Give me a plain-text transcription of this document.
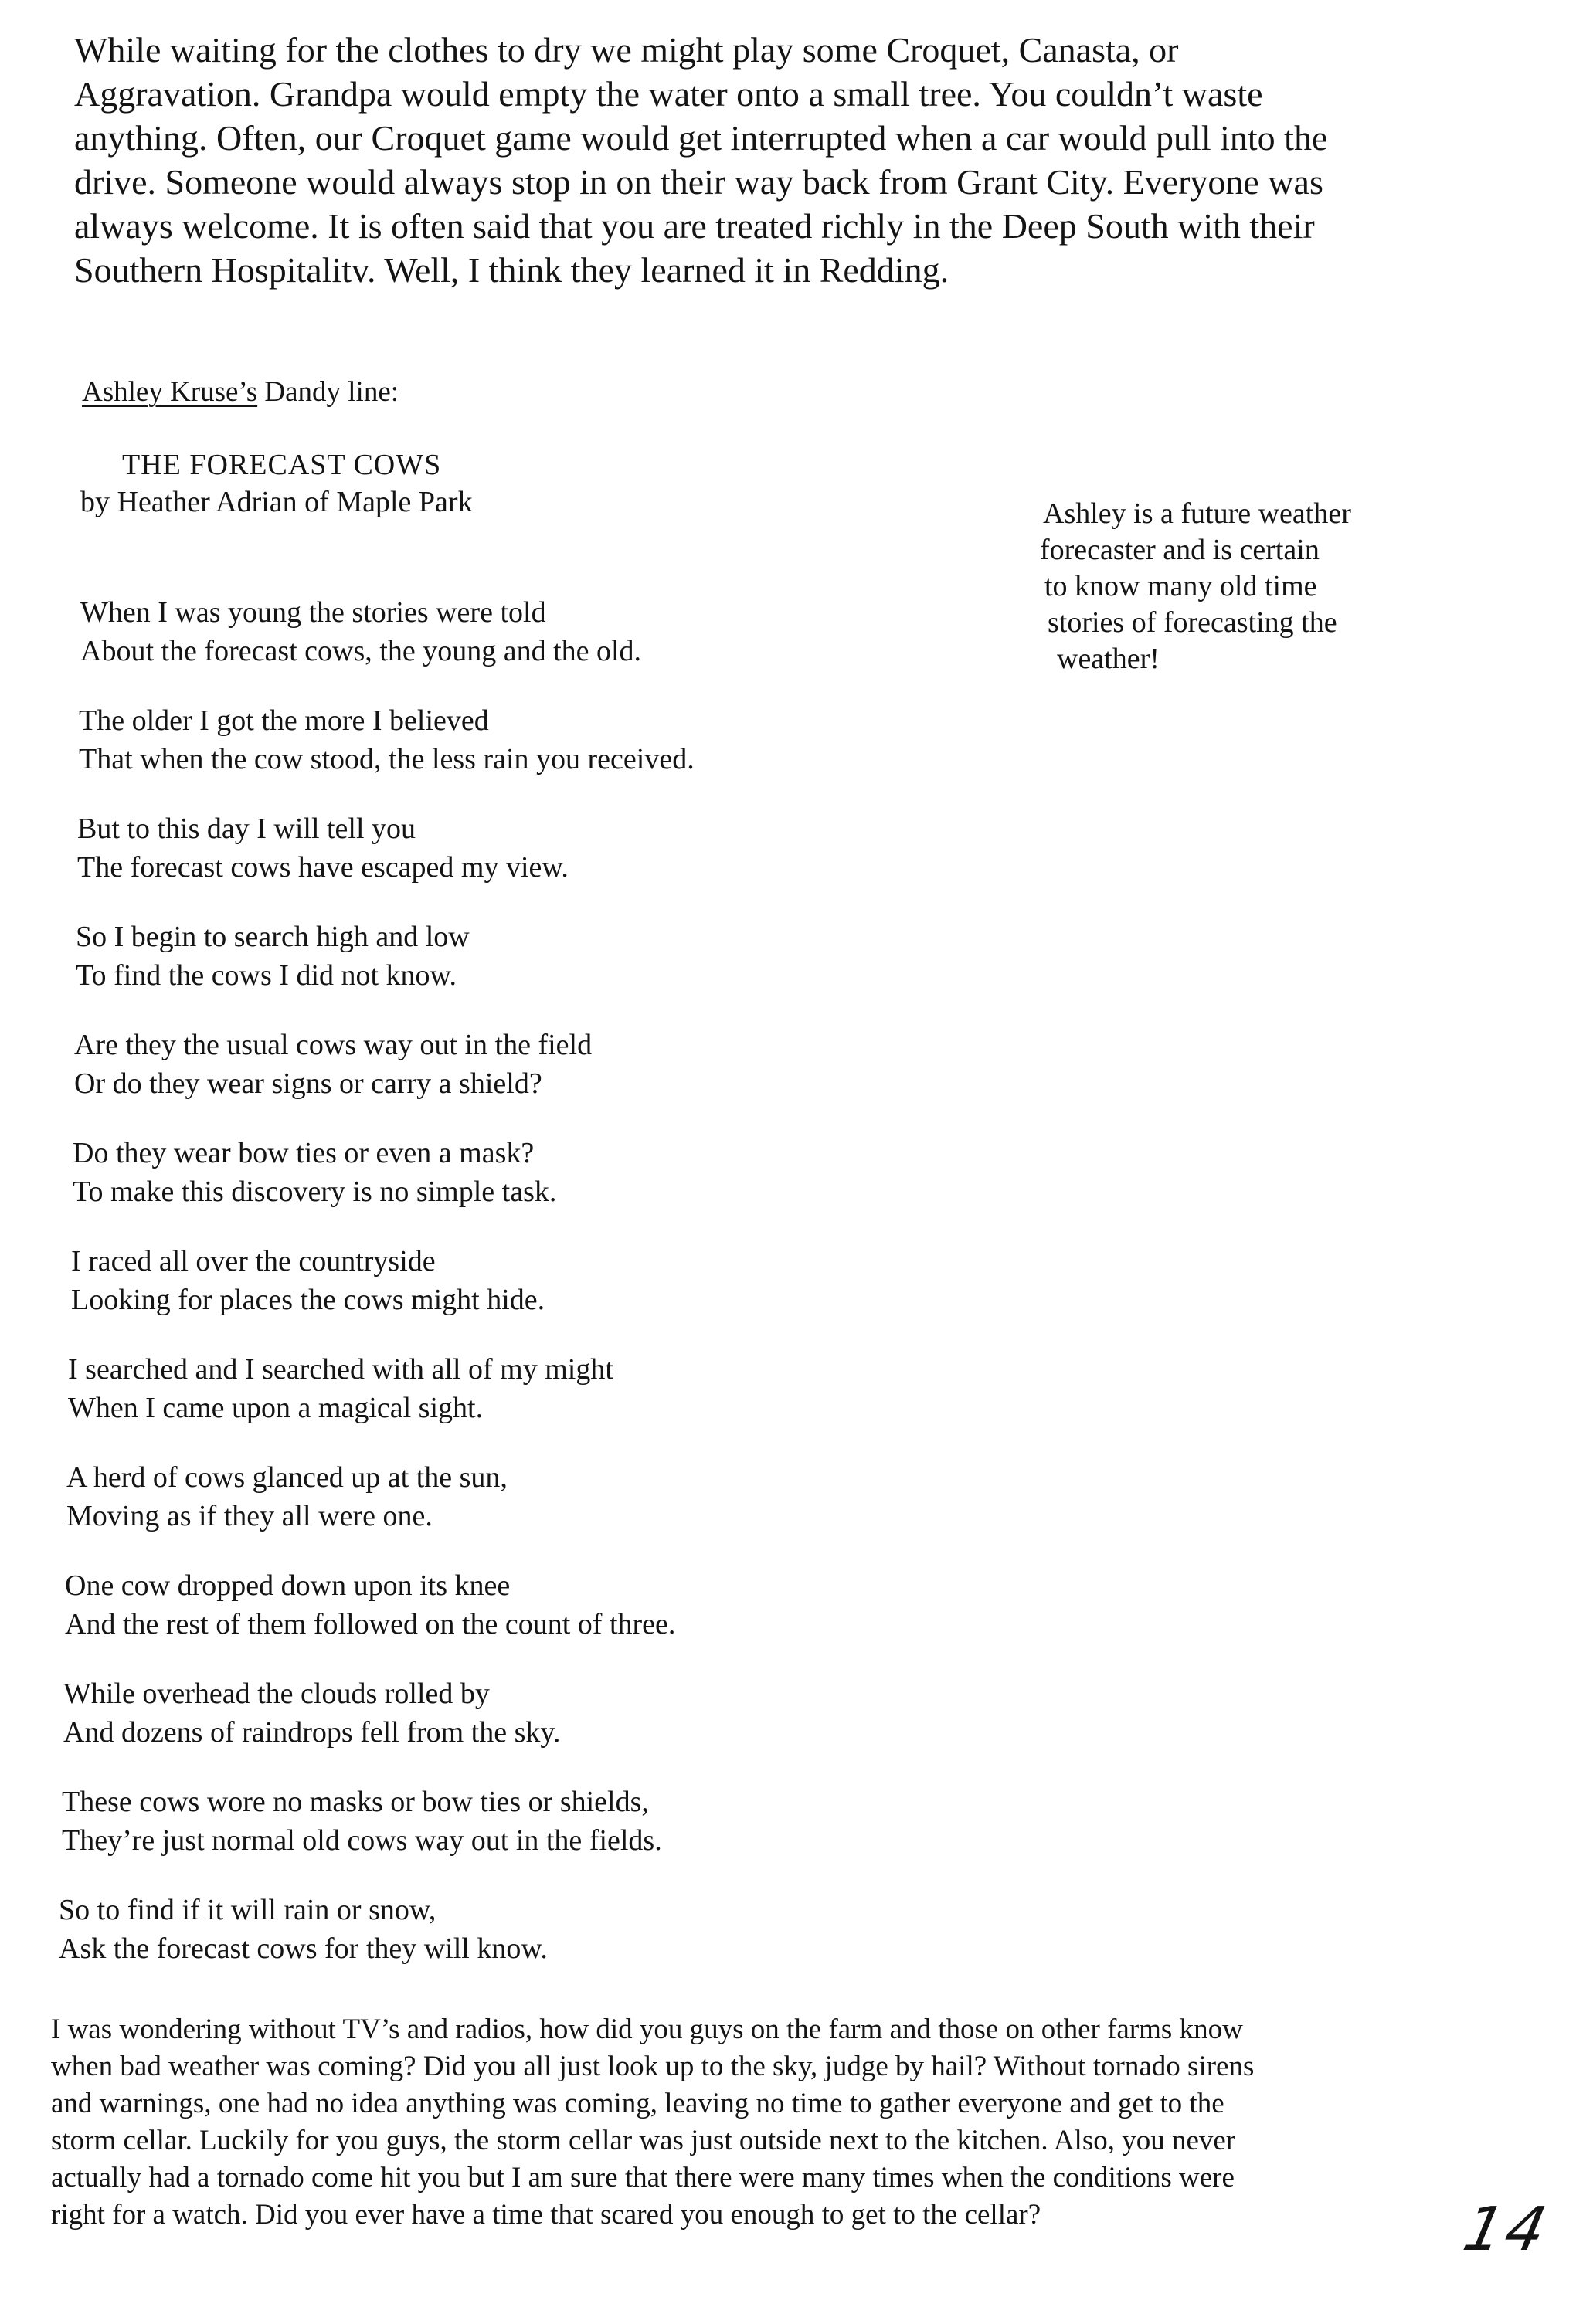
While waiting for the clothes to dry we might play some Croquet, Canasta, or
Aggravation. Grandpa would empty the water onto a small tree. You couldn’t waste
anything. Often, our Croquet game would get interrupted when a car would pull into the
drive. Someone would always stop in on their way back from Grant City. Everyone was
always welcome. It is often said that you are treated richly in the Deep South with their
Southern Hospitalitv. Well, I think they learned it in Redding.
Ashley Kruse’s Dandy line:
THE FORECAST COWS
by Heather Adrian of Maple Park	Ashley is a future weather
forecaster and is certain
to know many old time
stories of forecasting the
weather!
When I was young the stories were told
About the forecast cows, the young and the old.
The older I got the more I believed
That when the cow stood, the less rain you received.
But to this day I will tell you
The forecast cows have escaped my view.
So I begin to search high and low
To find the cows I did not know.
Are they the usual cows way out in the field
Or do they wear signs or carry a shield?
Do they wear bow ties or even a mask?
To make this discovery is no simple task.
I raced all over the countryside
Looking for places the cows might hide.
I searched and I searched with all of my might
When I came upon a magical sight.
A herd of cows glanced up at the sun,
Moving as if they all were one.
One cow dropped down upon its knee
And the rest of them followed on the count of three.
While overhead the clouds rolled by
And dozens of raindrops fell from the sky.
These cows wore no masks or bow ties or shields,
They’re just normal old cows way out in the fields.
So to find if it will rain or snow,
Ask the forecast cows for they will know.
I was wondering without TV’s and radios, how did you guys on the farm and those on other farms know
when bad weather was coming? Did you all just look up to the sky, judge by hail? Without tornado sirens
and warnings, one had no idea anything was coming, leaving no time to gather everyone and get to the
storm cellar. Luckily for you guys, the storm cellar was just outside next to the kitchen. Also, you never
actually had a tornado come hit you but I am sure that there were many times when the conditions were
right for a watch. Did you ever have a time that scared you enough to get to the cellar?	14
